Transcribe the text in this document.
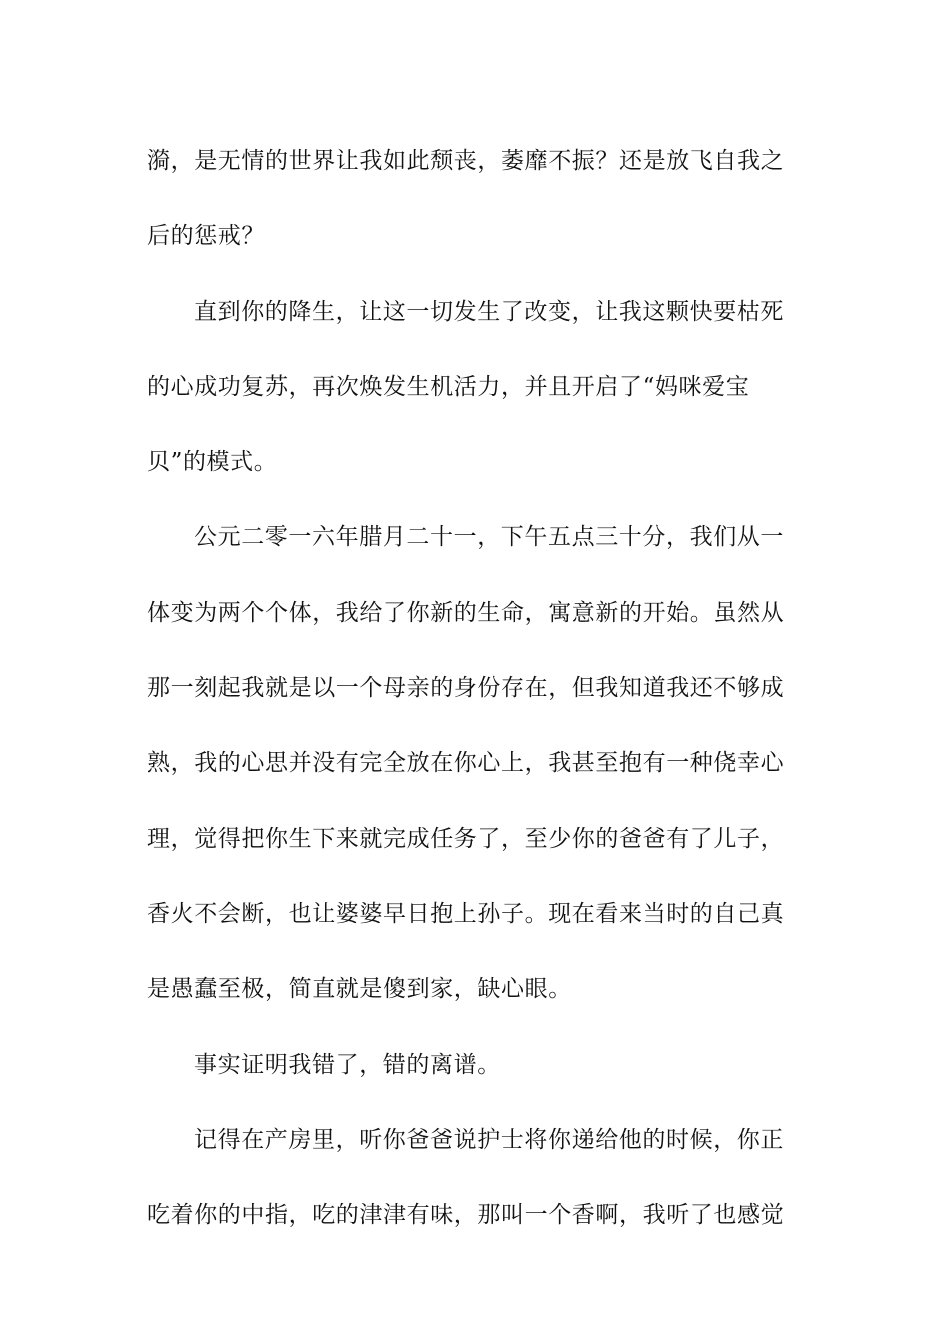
漪，是无情的世界让我如此颓丧，萎靡不振？还是放飞自我之
后的惩戒？
直到你的降生，让这一切发生了改变，让我这颗快要枯死
的心成功复苏，再次焕发生机活力，并且开启了“妈咪爱宝
贝”的模式。
公元二零一六年腊月二十一，下午五点三十分，我们从一
体变为两个个体，我给了你新的生命，寓意新的开始。虽然从
那一刻起我就是以一个母亲的身份存在，但我知道我还不够成
熟，我的心思并没有完全放在你心上，我甚至抱有一种侥幸心
理，觉得把你生下来就完成任务了，至少你的爸爸有了儿子，
香火不会断，也让婆婆早日抱上孙子。现在看来当时的自己真
是愚蠢至极，简直就是傻到家，缺心眼。
事实证明我错了，错的离谱。
记得在产房里，听你爸爸说护士将你递给他的时候，你正
吃着你的中指，吃的津津有味，那叫一个香啊，我听了也感觉
